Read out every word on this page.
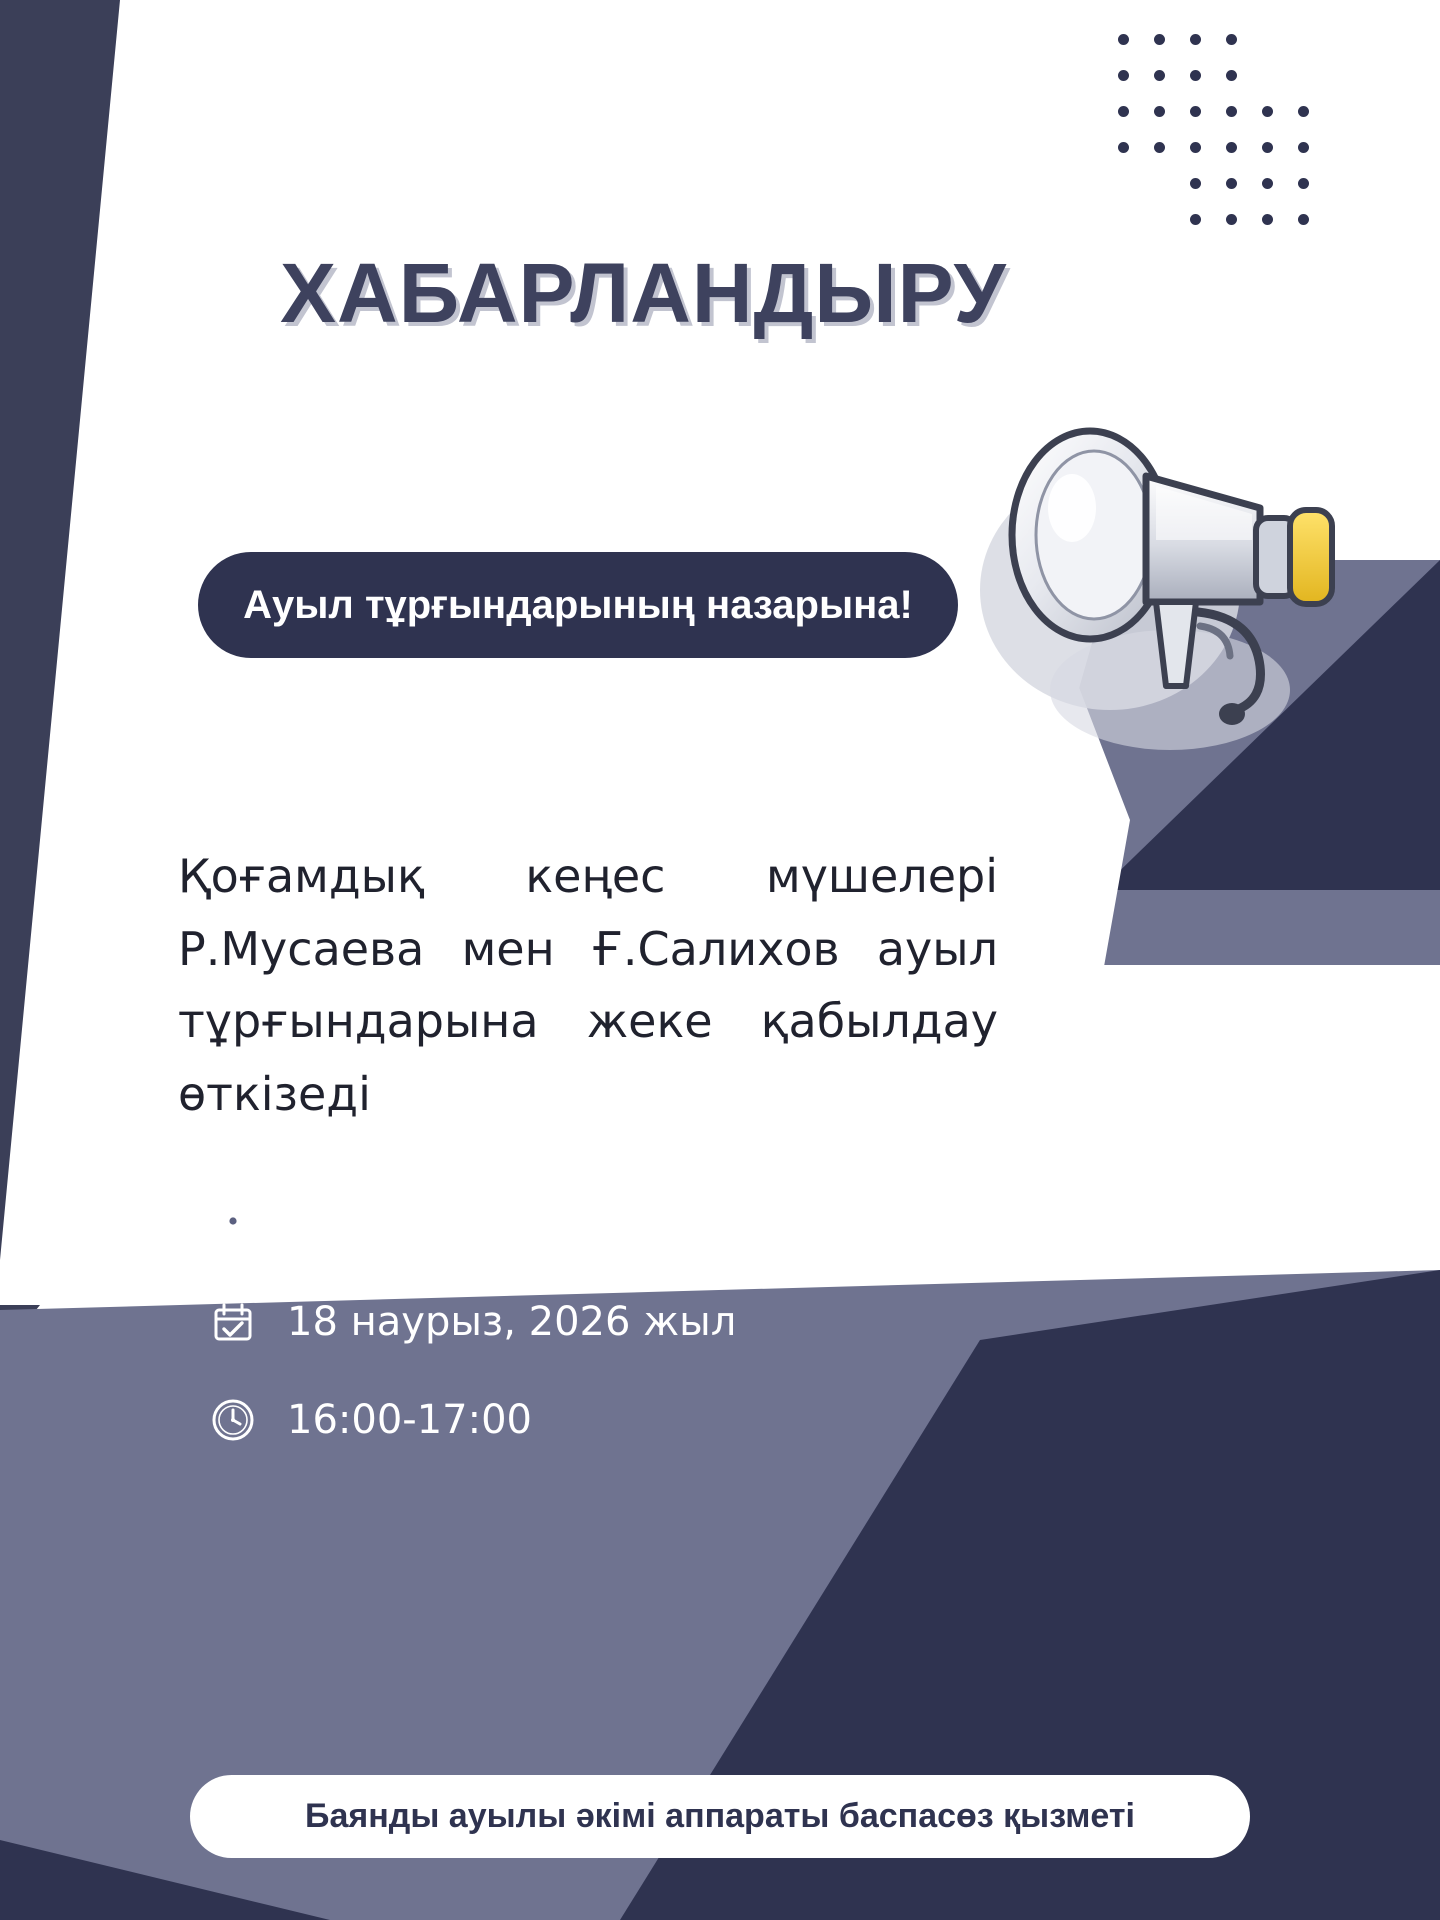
ХАБАРЛАНДЫРУ
Ауыл тұрғындарының назарына!
Қоғамдық кеңес мүшелері Р.Мусаева мен Ғ.Салихов ауыл тұрғындарына жеке қабылдау өткізеді
Баянды ауылы әкімі аппараты
18 наурыз, 2026 жыл
16:00-17:00
Баянды ауылы әкімі аппараты баспасөз қызметі
